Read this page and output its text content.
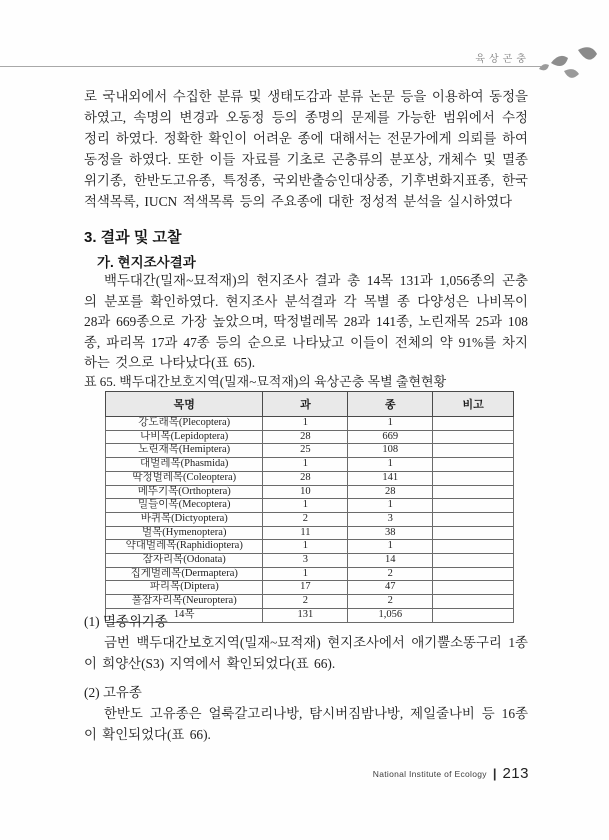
육상곤충
로 국내외에서 수집한 분류 및 생태도감과 분류 논문 등을 이용하여 동정을 하였고, 속명의 변경과 오동정 등의 종명의 문제를 가능한 범위에서 수정 정리 하였다. 정확한 확인이 어려운 종에 대해서는 전문가에게 의뢰를 하여 동정을 하였다. 또한 이들 자료를 기초로 곤충류의 분포상, 개체수 및 멸종위기종, 한반도고유종, 특정종, 국외반출승인대상종, 기후변화지표종, 한국적색목록, IUCN 적색목록 등의 주요종에 대한 정성적 분석을 실시하였다
3. 결과 및 고찰
가. 현지조사결과
백두대간(밀재~묘적재)의 현지조사 결과 총 14목 131과 1,056종의 곤충의 분포를 확인하였다. 현지조사 분석결과 각 목별 종 다양성은 나비목이 28과 669종으로 가장 높았으며, 딱정벌레목 28과 141종, 노린재목 25과 108종, 파리목 17과 47종 등의 순으로 나타났고 이들이 전체의 약 91%를 차지하는 것으로 나타났다(표 65).
표 65. 백두대간보호지역(밀재~묘적재)의 육상곤충 목별 출현현황
목명	과	종	비고
강도래목(Plecoptera)	1	1	
나비목(Lepidoptera)	28	669	
노린재목(Hemiptera)	25	108	
대벌레목(Phasmida)	1	1	
딱정벌레목(Coleoptera)	28	141	
메뚜기목(Orthoptera)	10	28	
밀들이목(Mecoptera)	1	1	
바퀴목(Dictyoptera)	2	3	
벌목(Hymenoptera)	11	38	
약대벌레목(Raphidioptera)	1	1	
잠자리목(Odonata)	3	14	
집게벌레목(Dermaptera)	1	2	
파리목(Diptera)	17	47	
풀잠자리목(Neuroptera)	2	2	
14목	131	1,056	
(1) 멸종위기종
금번 백두대간보호지역(밀재~묘적재) 현지조사에서 애기뿔소똥구리 1종이 희양산(S3) 지역에서 확인되었다(표 66).
(2) 고유종
한반도 고유종은 얼룩갈고리나방, 탐시버짐밤나방, 제일줄나비 등 16종이 확인되었다(표 66).
National Institute of Ecology | 213
